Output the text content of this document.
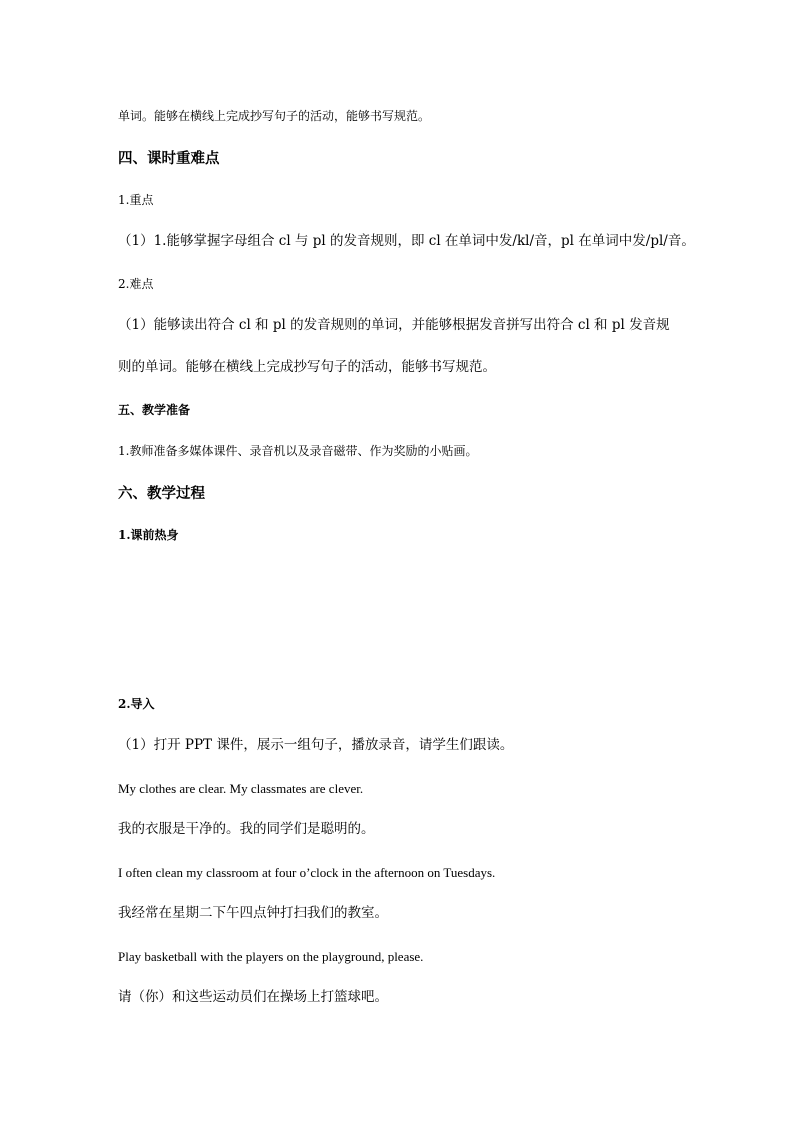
单词。能够在横线上完成抄写句子的活动，能够书写规范。
四、课时重难点
1.重点
（1）1.能够掌握字母组合 cl 与 pl 的发音规则，即 cl 在单词中发/kl/音，pl 在单词中发/pl/音。
2.难点
（1）能够读出符合 cl 和 pl 的发音规则的单词，并能够根据发音拼写出符合 cl 和 pl 发音规
则的单词。能够在横线上完成抄写句子的活动，能够书写规范。
五、教学准备
1.教师准备多媒体课件、录音机以及录音磁带、作为奖励的小贴画。
六、教学过程
1.课前热身
2.导入
（1）打开 PPT 课件，展示一组句子，播放录音，请学生们跟读。
My clothes are clear. My classmates are clever.
我的衣服是干净的。我的同学们是聪明的。
I often clean my classroom at four o’clock in the afternoon on Tuesdays.
我经常在星期二下午四点钟打扫我们的教室。
Play basketball with the players on the playground, please.
请（你）和这些运动员们在操场上打篮球吧。
